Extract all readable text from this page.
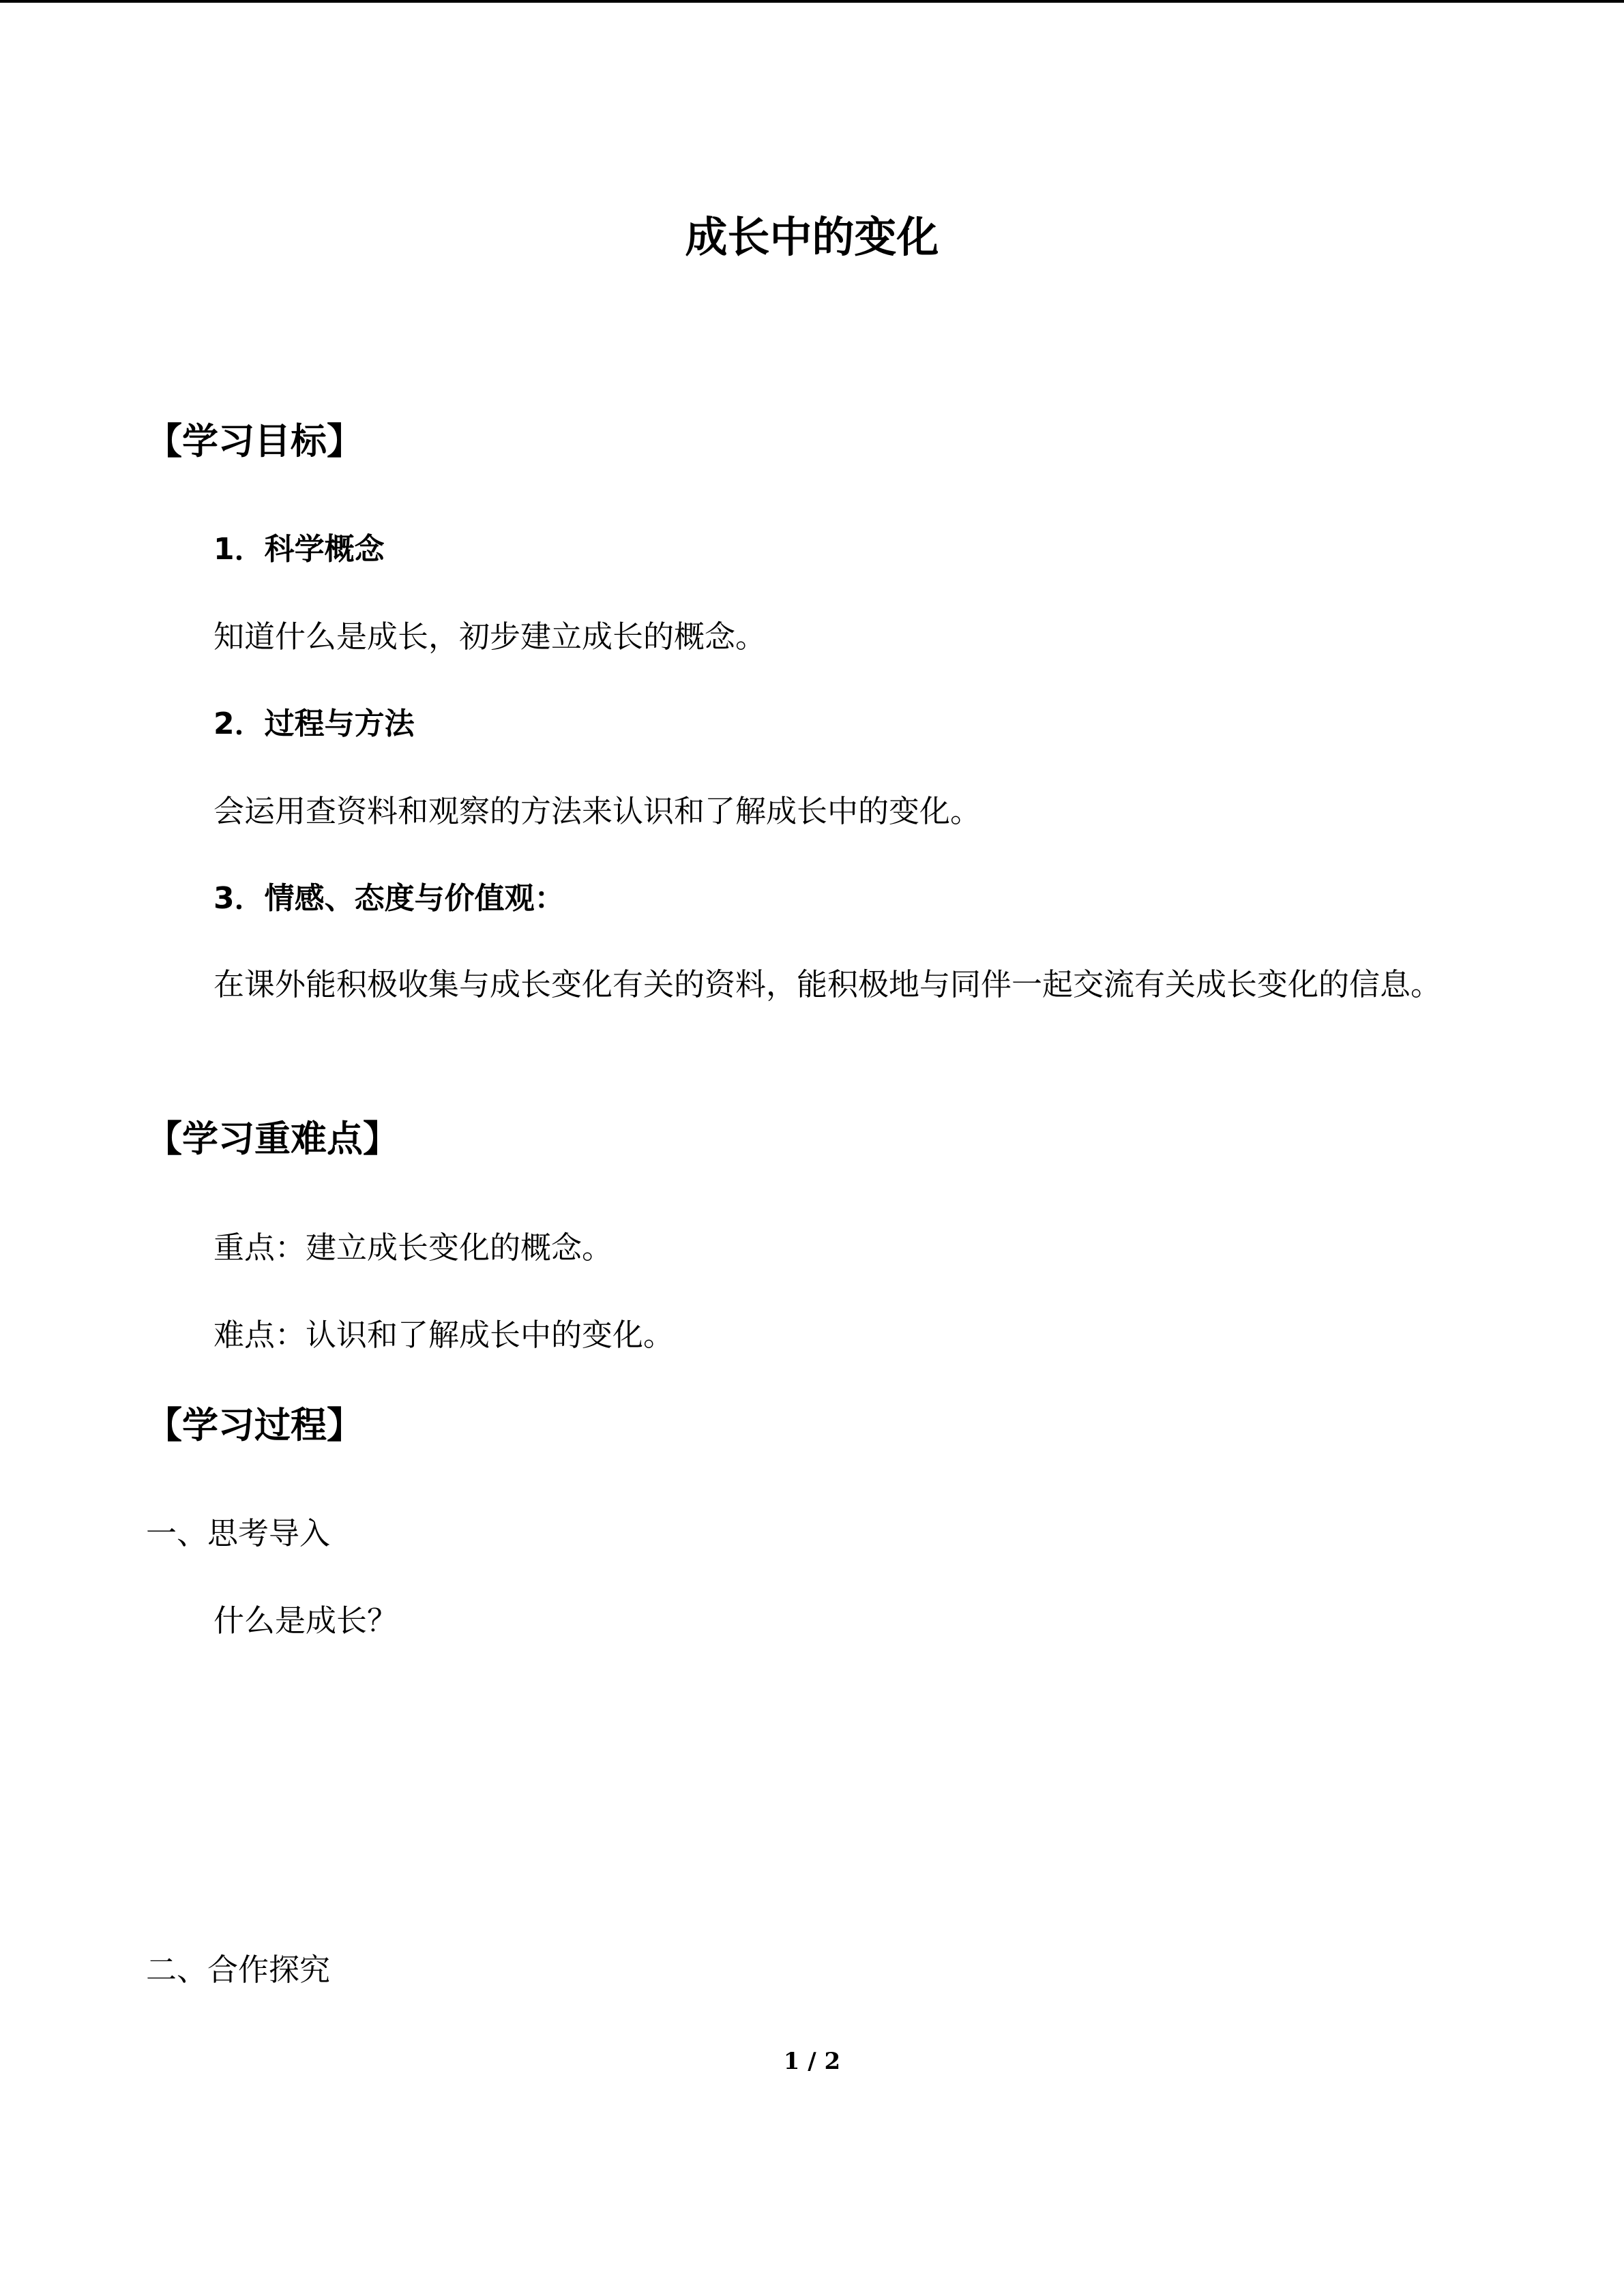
成长中的变化
【学习目标】
1．科学概念
知道什么是成长，初步建立成长的概念。
2．过程与方法
会运用查资料和观察的方法来认识和了解成长中的变化。
3．情感、态度与价值观：
在课外能积极收集与成长变化有关的资料，能积极地与同伴一起交流有关成长变化的信息。
【学习重难点】
重点：建立成长变化的概念。
难点：认识和了解成长中的变化。
【学习过程】
一、思考导入
什么是成长？
二、合作探究
1 / 2
